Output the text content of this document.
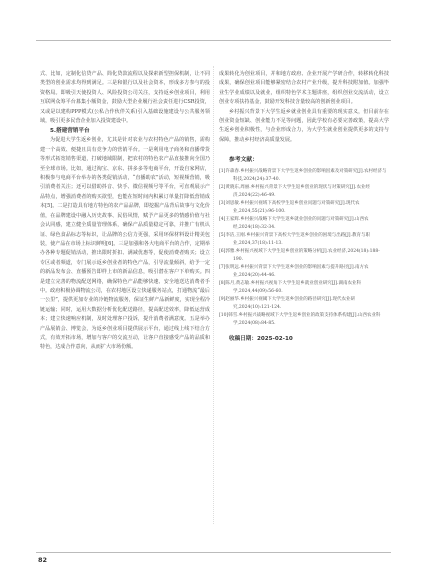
式、比如，定制化信贷产品、简化贷款流程以及探索新型担保机制，让不同类型的创业需求均得到满足。三是和银行以及社会资本，形成多方参与的投资格局。即吸引天使投资人、风险投资公司关注，支持返乡创业项目，利用互联网众筹平台募集小额资金，鼓励大型企业履行社会责任进行CSR投资，又或是以建构PPP模式(公私合作伙伴关系)引入基础设施建设与公共服务领域，吸引更多民营企业加入投资建设中。

5.搭建营销平台

为促进大学生返乡创业，尤其是针对农业与农村特色产品的销售，需构建一个高效、便捷且具有竞争力的营销平台。一是利用电子商务和直播带货等形式拓宽销售渠道，打破地域限制，把农村的特色农产品直接推向全国乃至全球市场。比如，通过淘宝、京东、拼多多等电商平台，开设自家网店，积极参与电商平台举办的各类促销活动，“直播助农”活动，短视频营销，吸引消费者关注；还可以借助抖音、快手、微信视频号等平台，可直观展示产品特点，增强消费者的购买欲望，也能在短时间内积累订单量打降低营销成本[5]。二是打造具有地方特色的农产品品牌，即挖掘产品背后故事与文化价值，在品牌建设中融入历史故事、民俗风情，赋予产品更多的情感价值与社会认同感，建立健全质量管理体系，确保产品质量稳定可靠，并推广有机认证、绿色食品标志等标识，让品牌的公信力更强，采用环保材料设计精美包装，使产品在市场上标识鲜明[6]。三是加强和各大电商平台的合作，定期举办各种专题促销活动，推出限时折扣、满减优惠等，促使消费者购买；设立专区或者频道，专门展示返乡创业者的特色产品，引导流量倾斜，给予一定的新品发布会、直播预告即样上市的新品信息，吸引潜在客户下单购买。四是建立完善的物流配送网络，确保特色产品能够快速、安全地送达消费者手中。政府积极协调物流公司，在农村地区设立快递服务站点，打通物流“最后一公里”，提供更加专业的冷链物流服务，保证生鲜产品新鲜度，实现全程冷链运输；同时，运用大数据分析优化配送路径，提高配送效率，降低运营成本；建立快速响应机制，及时处理客户投诉，提升消费者满意度。五是举办产品展销会、博览会，为返乡创业项目提供展示平台，通过线上线下结合方式，有效开拓市场，增加与客户的交流互动，让客户直接感受产品的品质和特色，达成合作意向，从而扩大市场份额。

成果转化为创业项目，并和地方政府、企业开展产学研合作，转移转化科技成果，确保创业项目能够紧密结合农村产业升级，提升科技附加值。加强毕业生学业成绩以及就业，组织特色学术主题讲座，组织创业交流活动，设立创业专项扶持基金，鼓励开发科技含量较高的创新创业项目。

乡村振兴背景下大学生返乡就业创业具有重要的现实意义，但目前存在创业资金短缺、创业能力不足等问题，因此学校有必要完善政策，提高大学生返乡创业积极性，与企业形成合力，为大学生就业创业提供更多的支持与保障，推动乡村经济高质量发展。

参考文献：

[1]许森春.乡村振兴战略背景下大学生返乡创业的影响因素及对策研究[J].农村经济与科技,2024(24):37-40.

[2]黄晓东,周丽.乡村振兴背景下大学生返乡创业的现状与对策研究[J].农业经济,2024(22):46-49.

[3]刘思敏.乡村振兴视域下高校学生返乡创业问题与对策研究[J].现代农业,2024,55(21):96-100.

[4]王家辉.乡村振兴战略下大学生返乡就业创业的问题与对策研究[J].山西农经,2024(18):32-34.

[5]李洁,王刚.乡村振兴背景下高校大学生返乡创业的困境与出路[J].教育与职业,2024,37(18):11-13.

[6]郭雅.乡村振兴视域下大学生返乡创业的策略分析[J].农业经济,2024(18):188-190.

[7]张明远.乡村振兴背景下大学生返乡创业的影响因素与提升路径[J].南方农业,2024(20):44-46.

[8]陈月,黄志敏.乡村振兴视角下大学生返乡就业创业研究[J].湖南农业科学,2024,44(09):56-60.

[9]赵丽华.乡村振兴视阈下大学生返乡创业的路径研究[J].现代农业研究,2024(10):121-124.

[10]韩雪.乡村振兴战略视域下大学生返乡创业的政策支持体系构建[J].山西农业科学,2024(08):84-85.

收稿日期：2025-02-10
82
